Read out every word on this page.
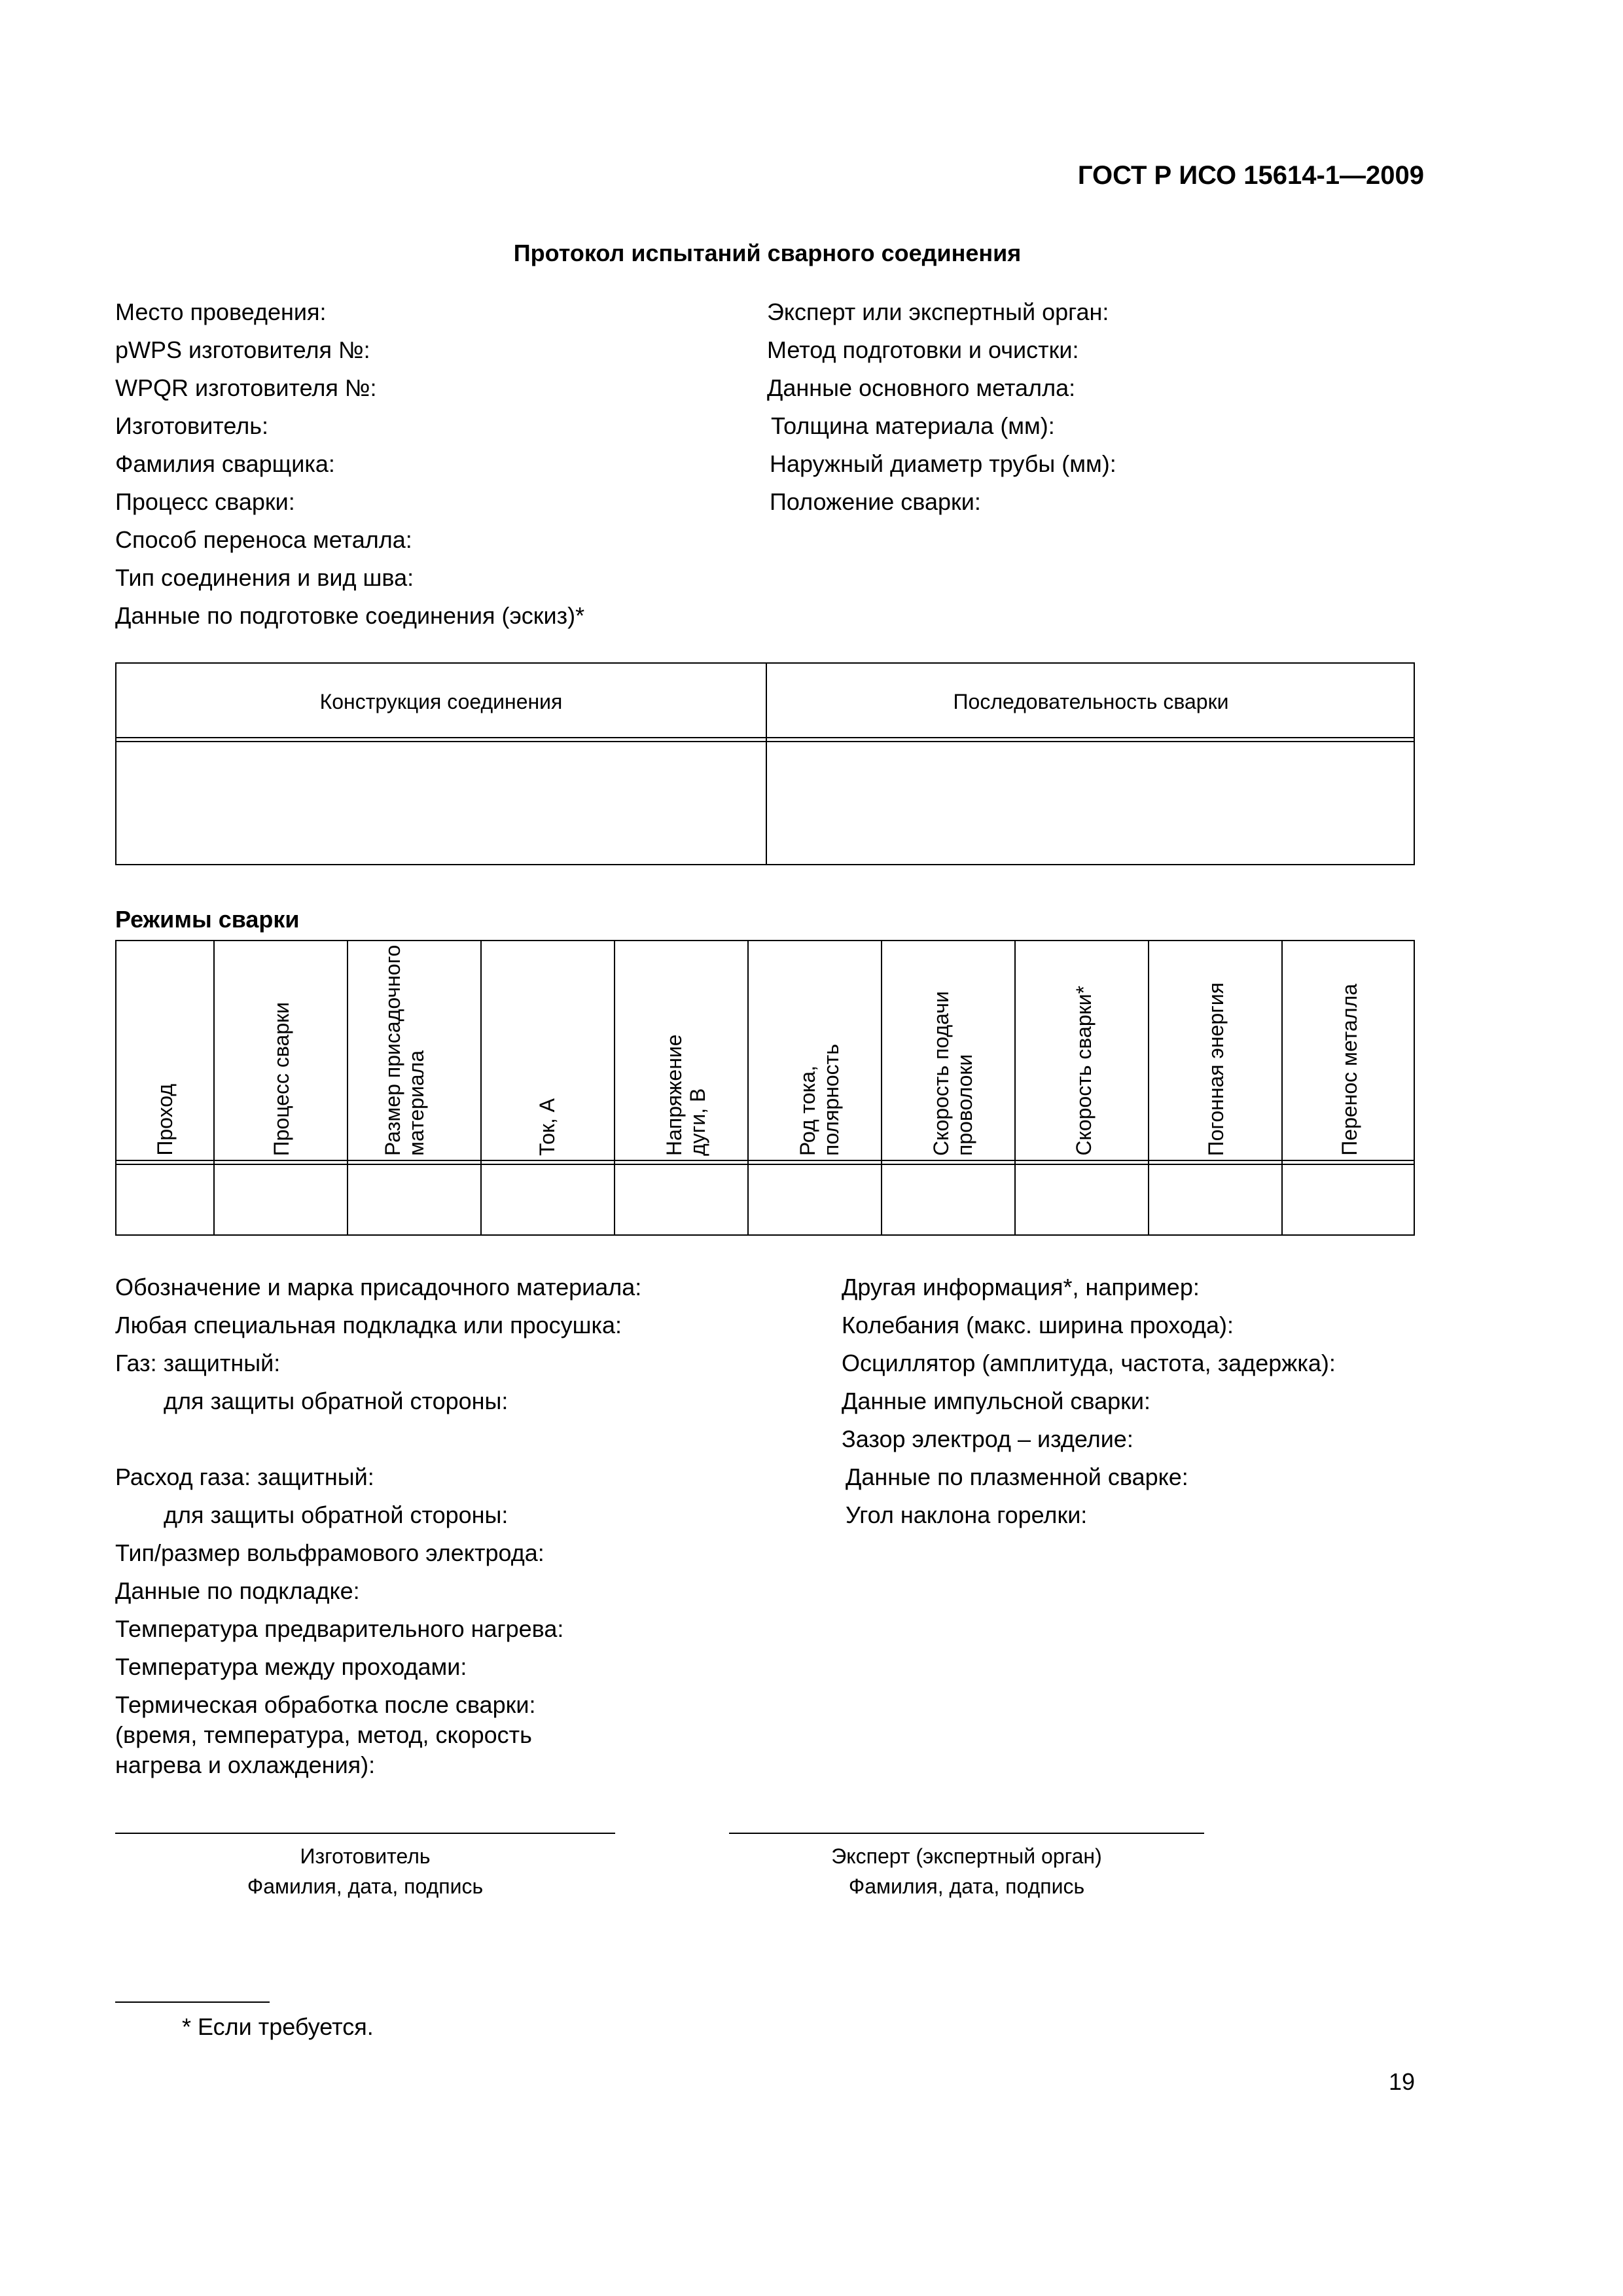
ГОСТ Р ИСО 15614-1—2009
Протокол испытаний сварного соединения
Место проведения:
pWPS изготовителя №:
WPQR изготовителя №:
Изготовитель:
Фамилия сварщика:
Процесс сварки:
Способ переноса металла:
Тип соединения и вид шва:
Данные по подготовке соединения (эскиз)*
Эксперт или экспертный орган:
Метод подготовки и очистки:
Данные основного металла:
Толщина материала (мм):
Наружный диаметр трубы (мм):
Положение сварки:
Конструкция соединения	Последовательность сварки
Режимы сварки
Проход	Процесс сварки	Размер присадочного материала	Ток, А	Напряжение дуги, В	Род тока, полярность	Скорость подачи проволоки	Скорость сварки*	Погонная энергия	Перенос металла
Обозначение и марка присадочного материала:
Любая специальная подкладка или просушка:
Газ: защитный:
для защиты обратной стороны:
Расход газа: защитный:
для защиты обратной стороны:
Тип/размер вольфрамового электрода:
Данные по подкладке:
Температура предварительного нагрева:
Температура между проходами:
Термическая обработка после сварки:
(время, температура, метод, скорость
нагрева и охлаждения):
Другая информация*, например:
Колебания (макс. ширина прохода):
Осциллятор (амплитуда, частота, задержка):
Данные импульсной сварки:
Зазор электрод – изделие:
Данные по плазменной сварке:
Угол наклона горелки:
Изготовитель
Фамилия, дата, подпись
Эксперт (экспертный орган)
Фамилия, дата, подпись
* Если требуется.
19
